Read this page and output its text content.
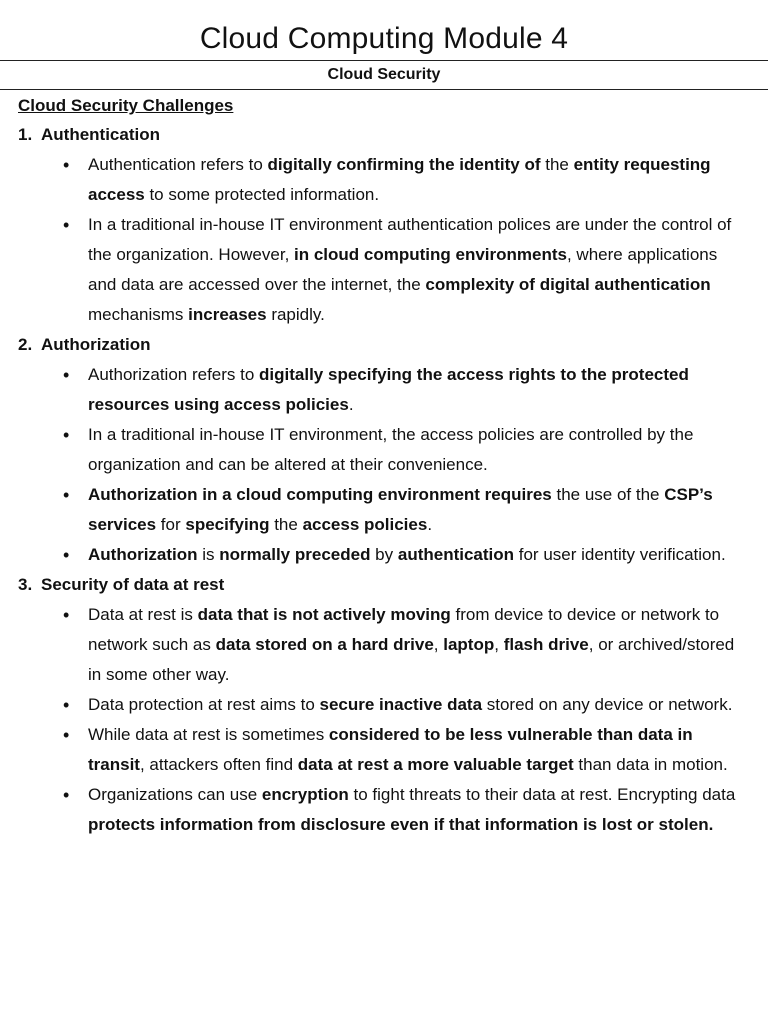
Cloud Computing Module 4
Cloud Security
Cloud Security Challenges
1. Authentication
• Authentication refers to digitally confirming the identity of the entity requesting access to some protected information.
• In a traditional in-house IT environment authentication polices are under the control of the organization. However, in cloud computing environments, where applications and data are accessed over the internet, the complexity of digital authentication mechanisms increases rapidly.
2. Authorization
• Authorization refers to digitally specifying the access rights to the protected resources using access policies.
• In a traditional in-house IT environment, the access policies are controlled by the organization and can be altered at their convenience.
• Authorization in a cloud computing environment requires the use of the CSP’s services for specifying the access policies.
• Authorization is normally preceded by authentication for user identity verification.
3. Security of data at rest
• Data at rest is data that is not actively moving from device to device or network to network such as data stored on a hard drive, laptop, flash drive, or archived/stored in some other way.
• Data protection at rest aims to secure inactive data stored on any device or network.
• While data at rest is sometimes considered to be less vulnerable than data in transit, attackers often find data at rest a more valuable target than data in motion.
• Organizations can use encryption to fight threats to their data at rest. Encrypting data protects information from disclosure even if that information is lost or stolen.
